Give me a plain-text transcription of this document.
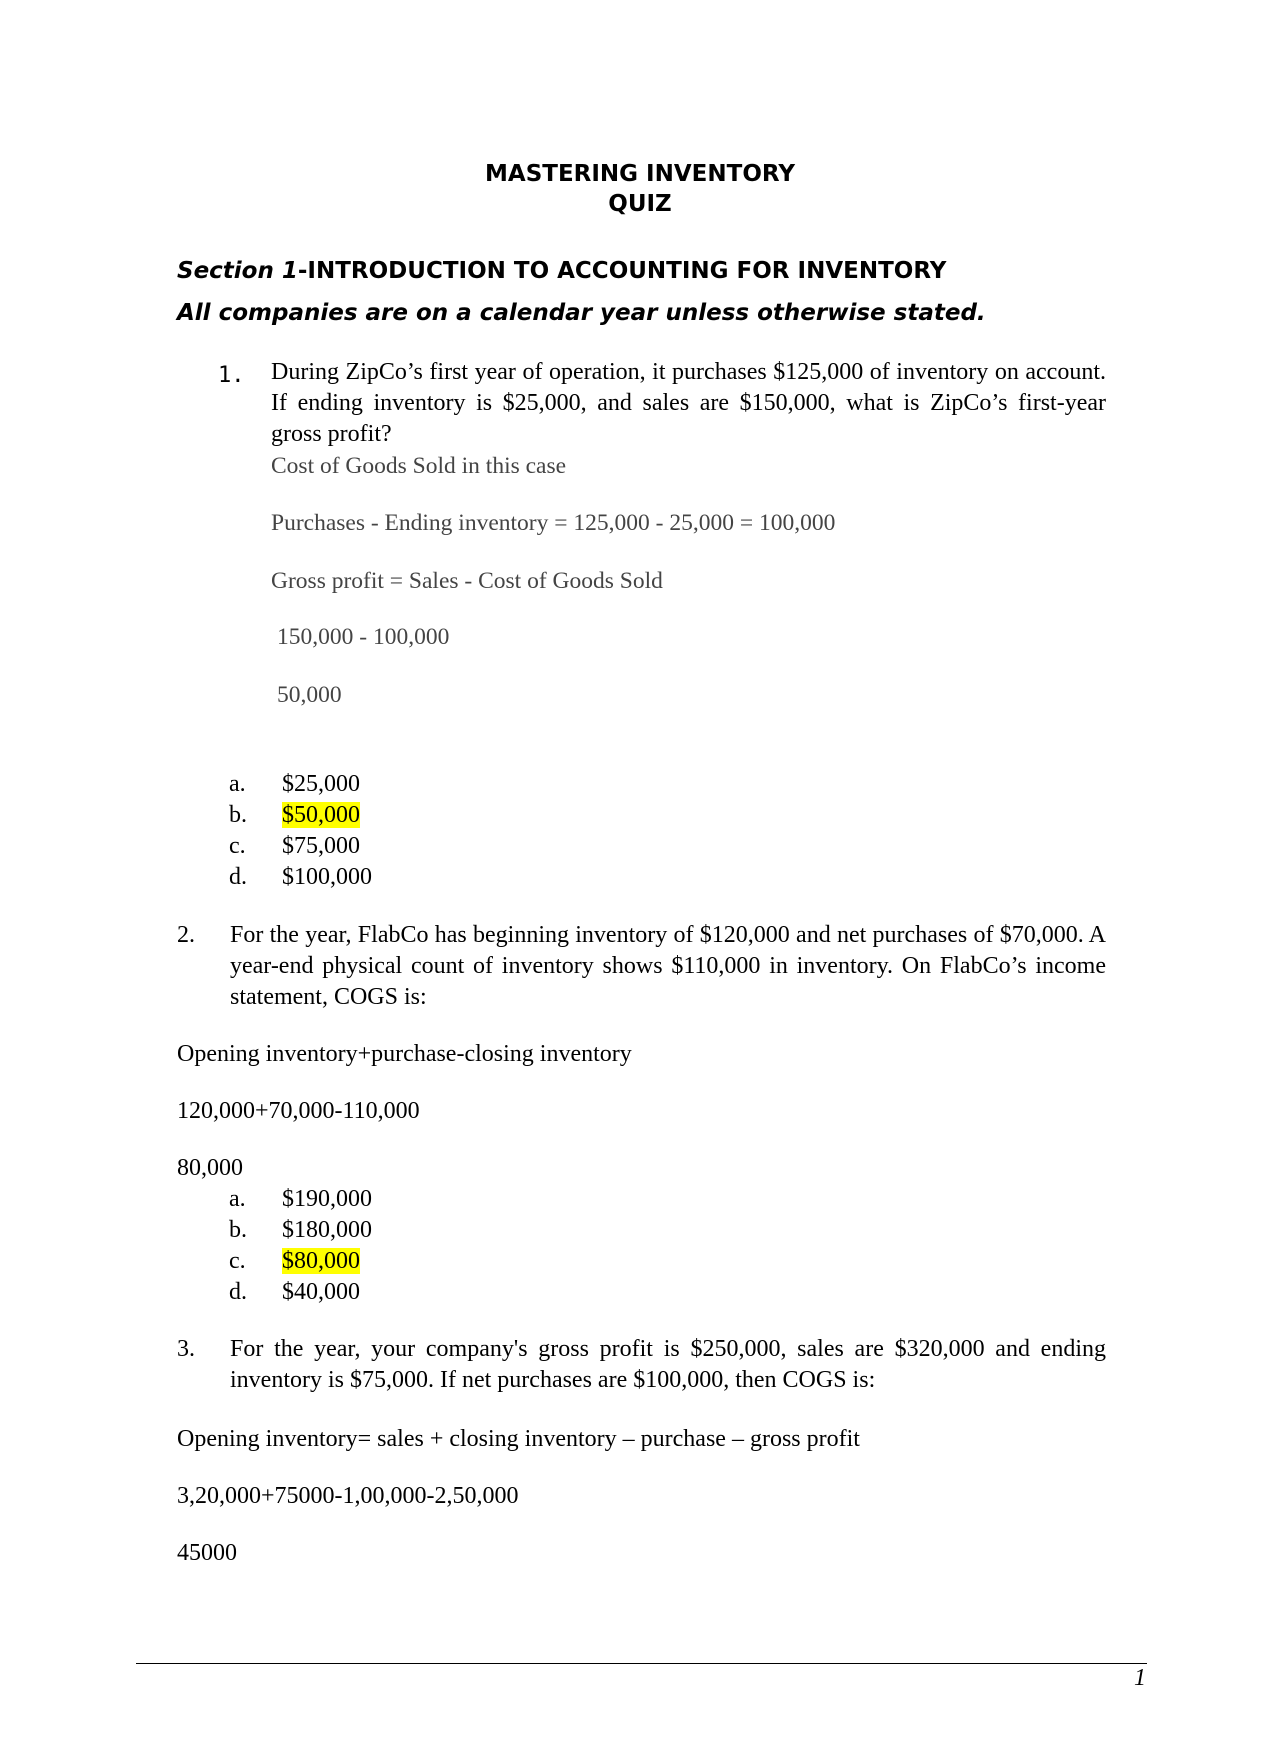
MASTERING INVENTORY
QUIZ
Section 1-INTRODUCTION TO ACCOUNTING FOR INVENTORY
All companies are on a calendar year unless otherwise stated.
1. During ZipCo’s first year of operation, it purchases $125,000 of inventory on account. If ending inventory is $25,000, and sales are $150,000, what is ZipCo’s first-year gross profit?
Cost of Goods Sold in this case
Purchases - Ending inventory = 125,000 - 25,000 = 100,000
Gross profit = Sales - Cost of Goods Sold
150,000 - 100,000
50,000
a. $25,000
b. $50,000
c. $75,000
d. $100,000
2. For the year, FlabCo has beginning inventory of $120,000 and net purchases of $70,000. A year-end physical count of inventory shows $110,000 in inventory. On FlabCo’s income statement, COGS is:
Opening inventory+purchase-closing inventory
120,000+70,000-110,000
80,000
a. $190,000
b. $180,000
c. $80,000
d. $40,000
3. For the year, your company's gross profit is $250,000, sales are $320,000 and ending inventory is $75,000. If net purchases are $100,000, then COGS is:
Opening inventory= sales + closing inventory – purchase – gross profit
3,20,000+75000-1,00,000-2,50,000
45000
1
